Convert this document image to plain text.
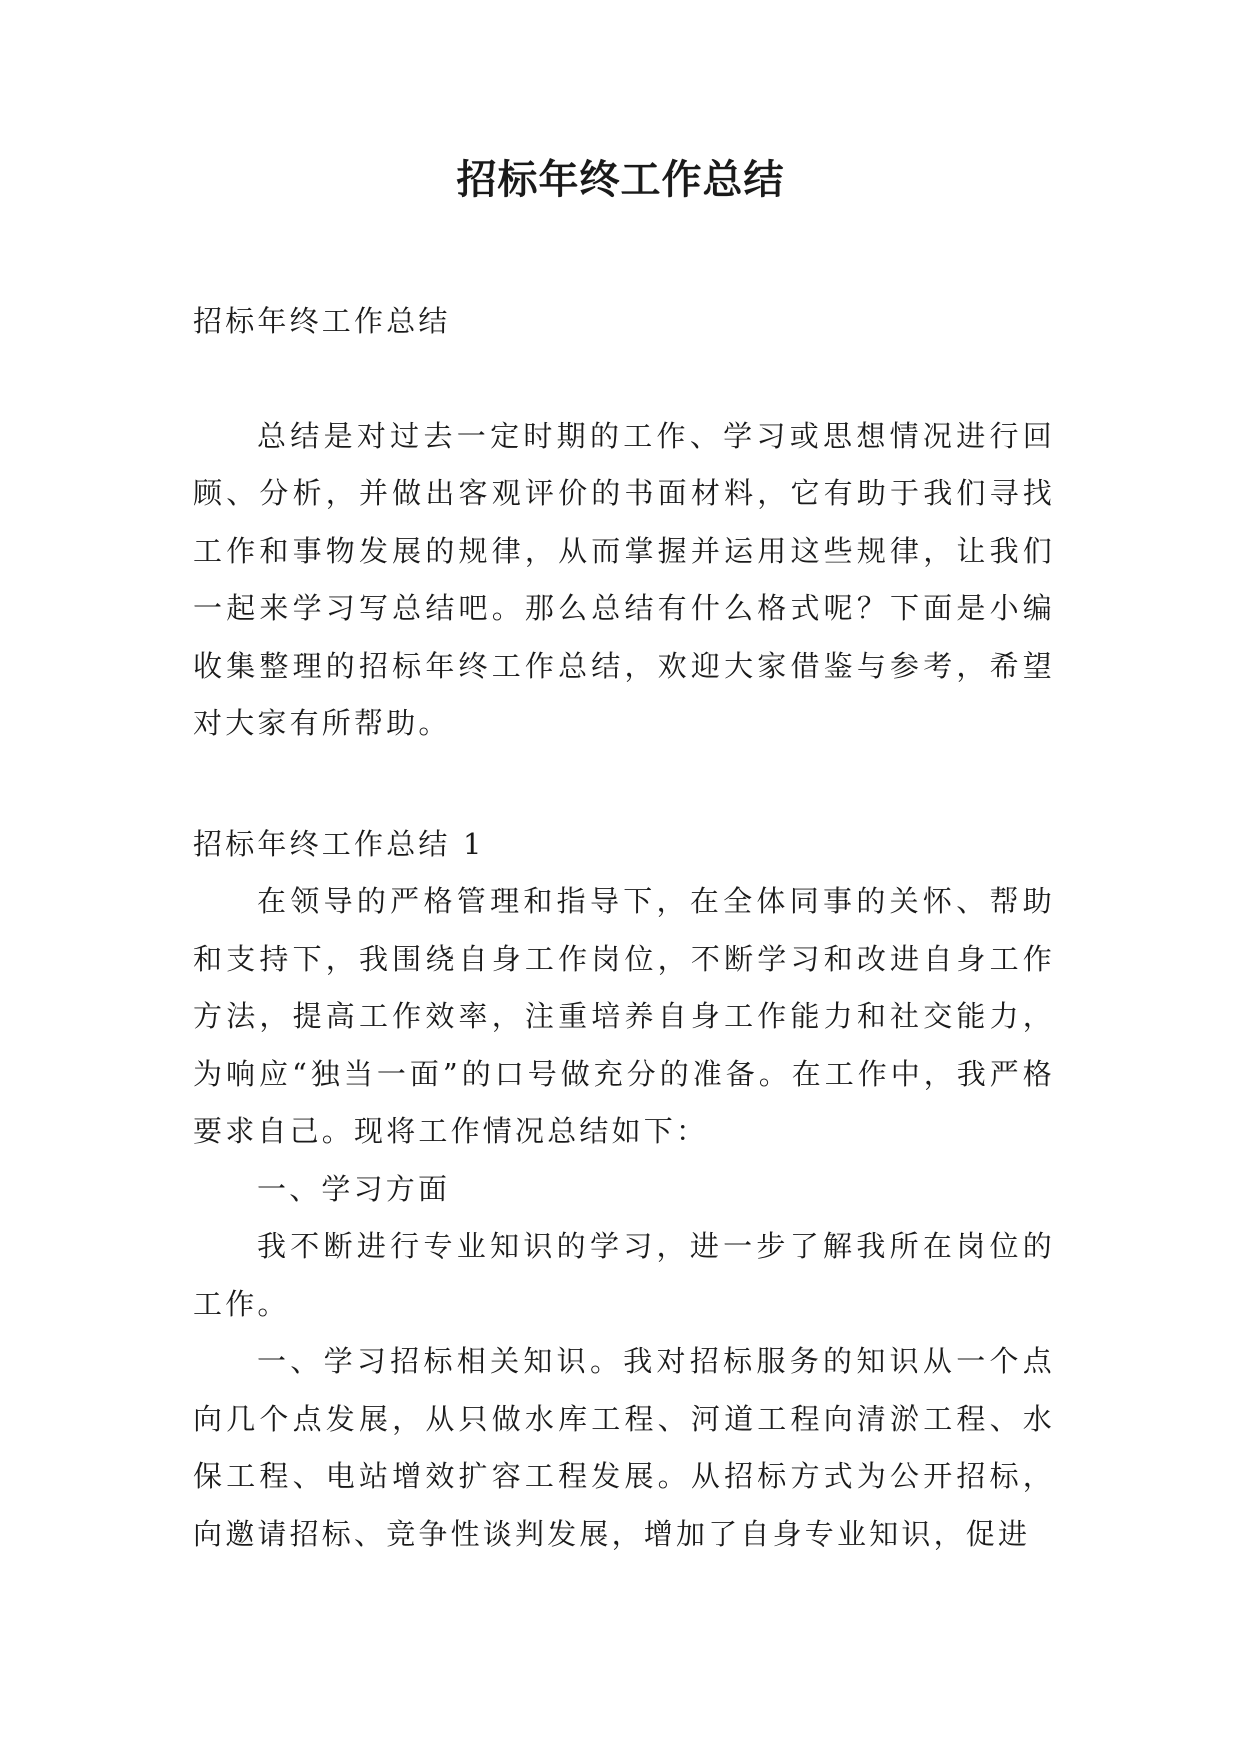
招标年终工作总结

招标年终工作总结

总结是对过去一定时期的工作、学习或思想情况进行回顾、分析，并做出客观评价的书面材料，它有助于我们寻找工作和事物发展的规律，从而掌握并运用这些规律，让我们一起来学习写总结吧。那么总结有什么格式呢？下面是小编收集整理的招标年终工作总结，欢迎大家借鉴与参考，希望对大家有所帮助。

招标年终工作总结 1

在领导的严格管理和指导下，在全体同事的关怀、帮助和支持下，我围绕自身工作岗位，不断学习和改进自身工作方法，提高工作效率，注重培养自身工作能力和社交能力，为响应“独当一面”的口号做充分的准备。在工作中，我严格要求自己。现将工作情况总结如下：

一、学习方面

我不断进行专业知识的学习，进一步了解我所在岗位的工作。

一、学习招标相关知识。我对招标服务的知识从一个点向几个点发展，从只做水库工程、河道工程向清淤工程、水保工程、电站增效扩容工程发展。从招标方式为公开招标，向邀请招标、竞争性谈判发展，增加了自身专业知识，促进
